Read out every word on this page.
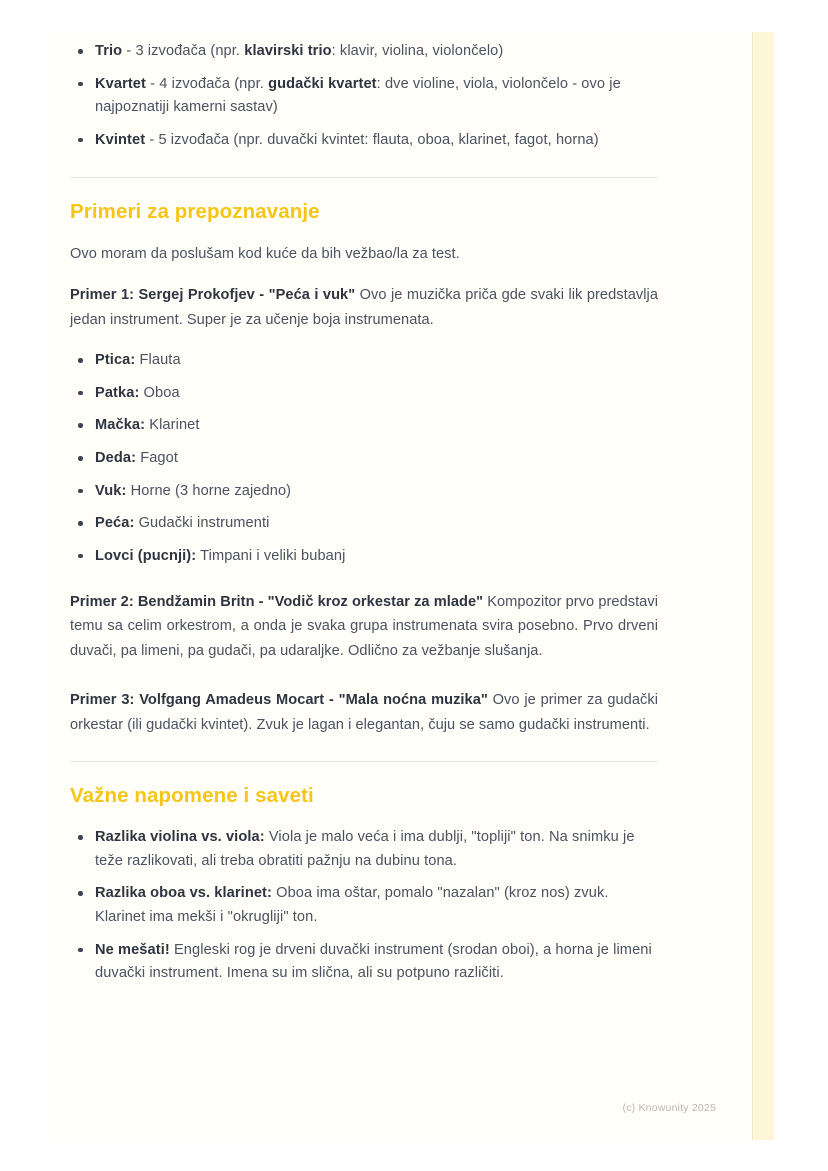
Trio - 3 izvođača (npr. klavirski trio: klavir, violina, violončelo)
Kvartet - 4 izvođača (npr. gudački kvartet: dve violine, viola, violončelo - ovo je najpoznatiji kamerni sastav)
Kvintet - 5 izvođača (npr. duvački kvintet: flauta, oboa, klarinet, fagot, horna)
Primeri za prepoznavanje

Ovo moram da poslušam kod kuće da bih vežbao/la za test.

Primer 1: Sergej Prokofjev - "Peća i vuk" Ovo je muzička priča gde svaki lik predstavlja jedan instrument. Super je za učenje boja instrumenata.

Ptica: Flauta
Patka: Oboa
Mačka: Klarinet
Deda: Fagot
Vuk: Horne (3 horne zajedno)
Peća: Gudački instrumenti
Lovci (pucnji): Timpani i veliki bubanj

Primer 2: Bendžamin Britn - "Vodič kroz orkestar za mlade" Kompozitor prvo predstavi temu sa celim orkestrom, a onda je svaka grupa instrumenata svira posebno. Prvo drveni duvači, pa limeni, pa gudači, pa udaraljke. Odlično za vežbanje slušanja.

Primer 3: Volfgang Amadeus Mocart - "Mala noćna muzika" Ovo je primer za gudački orkestar (ili gudački kvintet). Zvuk je lagan i elegantan, čuju se samo gudački instrumenti.

Važne napomene i saveti
Razlika violina vs. viola: Viola je malo veća i ima dublji, "topliji" ton. Na snimku je teže razlikovati, ali treba obratiti pažnju na dubinu tona.
Razlika oboa vs. klarinet: Oboa ima oštar, pomalo "nazalan" (kroz nos) zvuk. Klarinet ima mekši i "okrugliji" ton.
Ne mešati! Engleski rog je drveni duvački instrument (srodan oboi), a horna je limeni duvački instrument. Imena su im slična, ali su potpuno različiti.
(c) Knowunity 2025
